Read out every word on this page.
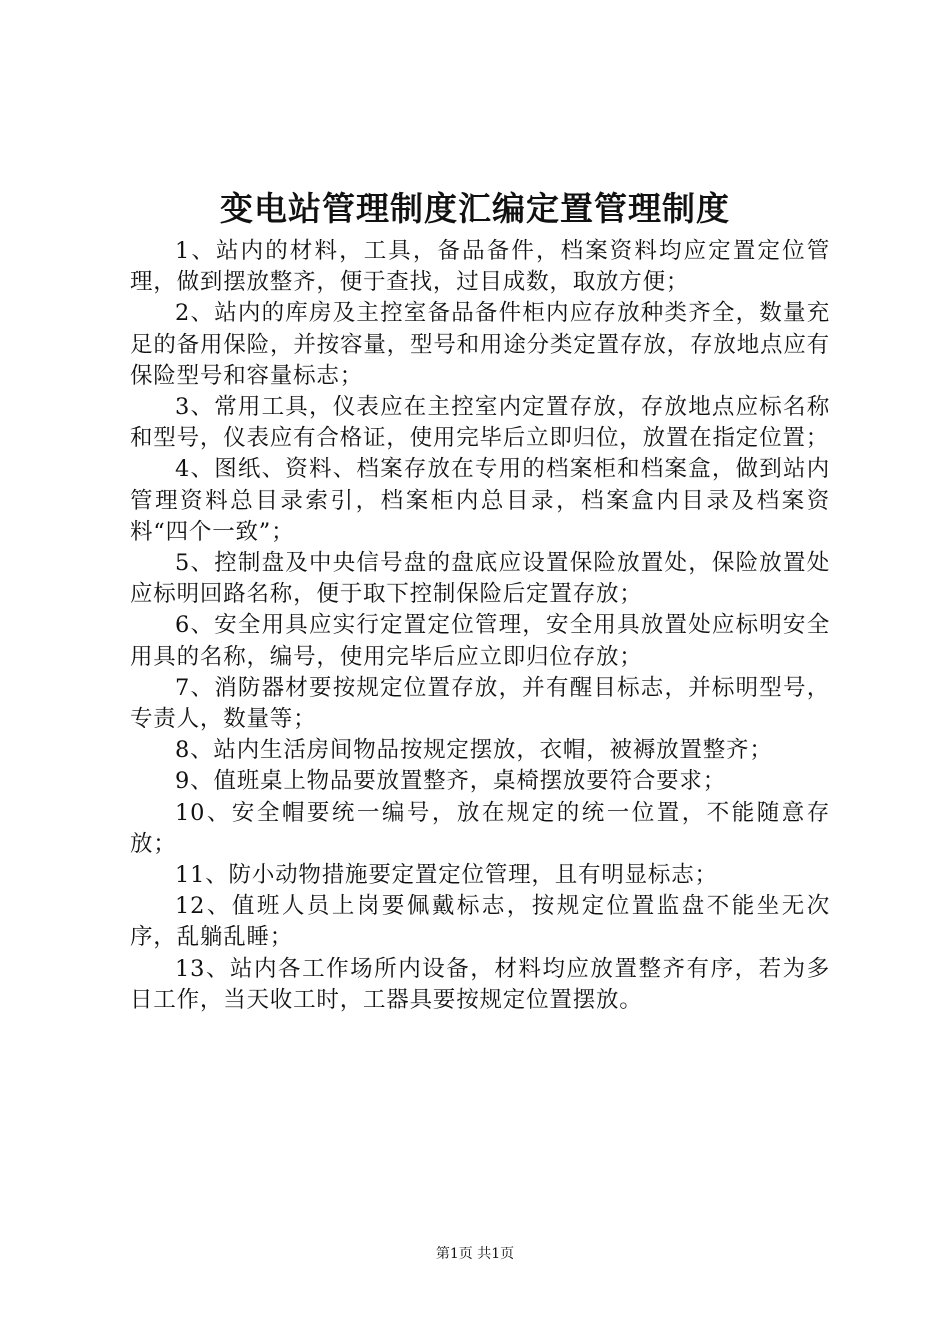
变电站管理制度汇编定置管理制度

1、站内的材料，工具，备品备件，档案资料均应定置定位管理，做到摆放整齐，便于查找，过目成数，取放方便；

2、站内的库房及主控室备品备件柜内应存放种类齐全，数量充足的备用保险，并按容量，型号和用途分类定置存放，存放地点应有保险型号和容量标志；

3、常用工具，仪表应在主控室内定置存放，存放地点应标名称和型号，仪表应有合格证，使用完毕后立即归位，放置在指定位置；

4、图纸、资料、档案存放在专用的档案柜和档案盒，做到站内管理资料总目录索引，档案柜内总目录，档案盒内目录及档案资料“四个一致”；

5、控制盘及中央信号盘的盘底应设置保险放置处，保险放置处应标明回路名称，便于取下控制保险后定置存放；

6、安全用具应实行定置定位管理，安全用具放置处应标明安全用具的名称，编号，使用完毕后应立即归位存放；

7、消防器材要按规定位置存放，并有醒目标志，并标明型号，专责人，数量等；

8、站内生活房间物品按规定摆放，衣帽，被褥放置整齐；

9、值班桌上物品要放置整齐，桌椅摆放要符合要求；

10、安全帽要统一编号，放在规定的统一位置，不能随意存放；

11、防小动物措施要定置定位管理，且有明显标志；

12、值班人员上岗要佩戴标志，按规定位置监盘不能坐无次序，乱躺乱睡；

13、站内各工作场所内设备，材料均应放置整齐有序，若为多日工作，当天收工时，工器具要按规定位置摆放。

第1页 共1页
